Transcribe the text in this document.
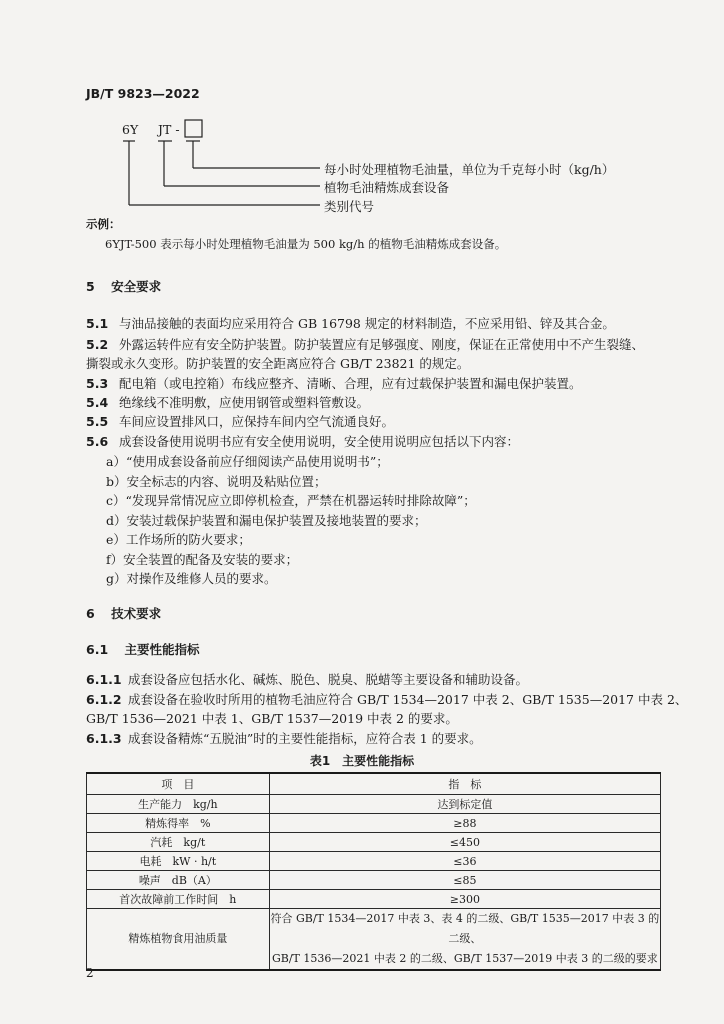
JB/T 9823—2022
6Y JT -
每小时处理植物毛油量，单位为千克每小时（kg/h）
植物毛油精炼成套设备
类别代号
示例：
6YJT-500 表示每小时处理植物毛油量为 500 kg/h 的植物毛油精炼成套设备。
5 安全要求
5.1 与油品接触的表面均应采用符合 GB 16798 规定的材料制造，不应采用铅、锌及其合金。
5.2 外露运转件应有安全防护装置。防护装置应有足够强度、刚度，保证在正常使用中不产生裂缝、
撕裂或永久变形。防护装置的安全距离应符合 GB/T 23821 的规定。
5.3 配电箱（或电控箱）布线应整齐、清晰、合理，应有过载保护装置和漏电保护装置。
5.4 绝缘线不准明敷，应使用钢管或塑料管敷设。
5.5 车间应设置排风口，应保持车间内空气流通良好。
5.6 成套设备使用说明书应有安全使用说明，安全使用说明应包括以下内容：
a）“使用成套设备前应仔细阅读产品使用说明书”；
b）安全标志的内容、说明及粘贴位置；
c）“发现异常情况应立即停机检查，严禁在机器运转时排除故障”；
d）安装过载保护装置和漏电保护装置及接地装置的要求；
e）工作场所的防火要求；
f）安全装置的配备及安装的要求；
g）对操作及维修人员的要求。
6 技术要求
6.1 主要性能指标
6.1.1 成套设备应包括水化、碱炼、脱色、脱臭、脱蜡等主要设备和辅助设备。
6.1.2 成套设备在验收时所用的植物毛油应符合 GB/T 1534—2017 中表 2、GB/T 1535—2017 中表 2、
GB/T 1536—2021 中表 1、GB/T 1537—2019 中表 2 的要求。
6.1.3 成套设备精炼“五脱油”时的主要性能指标，应符合表 1 的要求。
表1　主要性能指标
项　目	指　标
生产能力　kg/h	达到标定值
精炼得率　%	≥88
汽耗　kg/t	≤450
电耗　kW · h/t	≤36
噪声　dB（A）	≤85
首次故障前工作时间　h	≥300
精炼植物食用油质量	符合 GB/T 1534—2017 中表 3、表 4 的二级、GB/T 1535—2017 中表 3 的二级、
GB/T 1536—2021 中表 2 的二级、GB/T 1537—2019 中表 3 的二级的要求
2
